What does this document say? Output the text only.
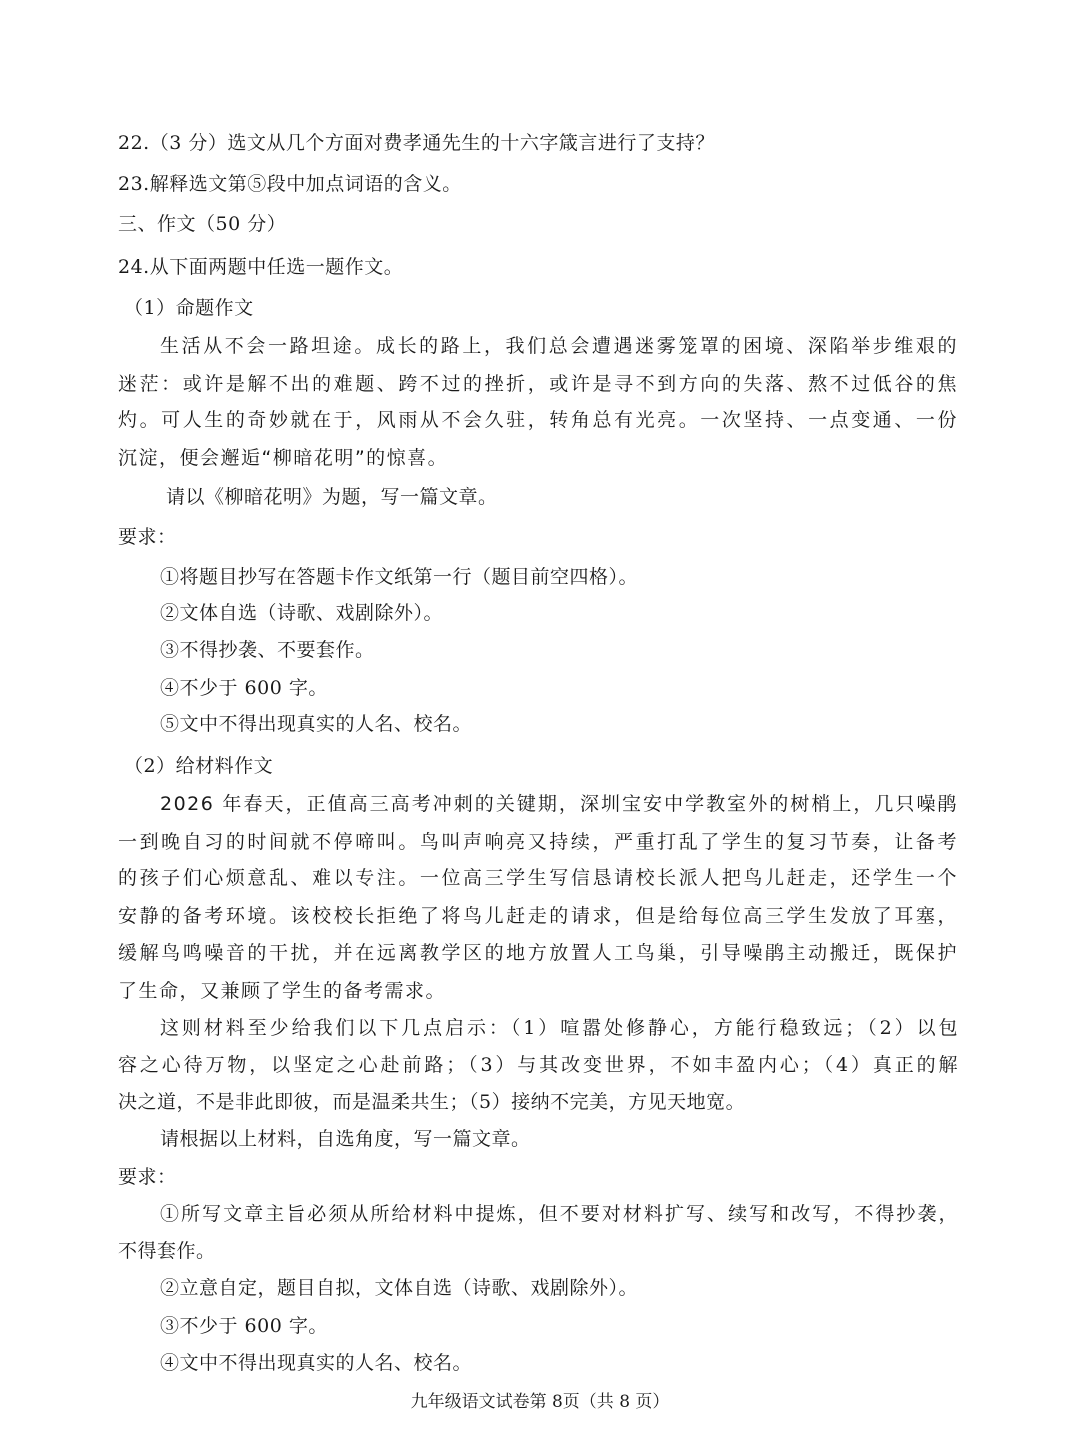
22.（3 分）选文从几个方面对费孝通先生的十六字箴言进行了支持？
23.解释选文第⑤段中加点词语的含义。
三、作文（50 分）
24.从下面两题中任选一题作文。
（1）命题作文
生活从不会一路坦途。成长的路上，我们总会遭遇迷雾笼罩的困境、深陷举步维艰的
迷茫：或许是解不出的难题、跨不过的挫折，或许是寻不到方向的失落、熬不过低谷的焦
灼。可人生的奇妙就在于，风雨从不会久驻，转角总有光亮。一次坚持、一点变通、一份
沉淀，便会邂逅“柳暗花明”的惊喜。
请以《柳暗花明》为题，写一篇文章。
要求：
①将题目抄写在答题卡作文纸第一行（题目前空四格）。
②文体自选（诗歌、戏剧除外）。
③不得抄袭、不要套作。
④不少于 600 字。
⑤文中不得出现真实的人名、校名。
（2）给材料作文
2026 年春天，正值高三高考冲刺的关键期，深圳宝安中学教室外的树梢上，几只噪鹃
一到晚自习的时间就不停啼叫。鸟叫声响亮又持续，严重打乱了学生的复习节奏，让备考
的孩子们心烦意乱、难以专注。一位高三学生写信恳请校长派人把鸟儿赶走，还学生一个
安静的备考环境。该校校长拒绝了将鸟儿赶走的请求，但是给每位高三学生发放了耳塞，
缓解鸟鸣噪音的干扰，并在远离教学区的地方放置人工鸟巢，引导噪鹃主动搬迁，既保护
了生命，又兼顾了学生的备考需求。
这则材料至少给我们以下几点启示：（1）喧嚣处修静心，方能行稳致远；（2）以包
容之心待万物，以坚定之心赴前路；（3）与其改变世界，不如丰盈内心；（4）真正的解
决之道，不是非此即彼，而是温柔共生；（5）接纳不完美，方见天地宽。
请根据以上材料，自选角度，写一篇文章。
要求：
①所写文章主旨必须从所给材料中提炼，但不要对材料扩写、续写和改写，不得抄袭，
不得套作。
②立意自定，题目自拟，文体自选（诗歌、戏剧除外）。
③不少于 600 字。
④文中不得出现真实的人名、校名。
九年级语文试卷第 8页（共 8 页）
